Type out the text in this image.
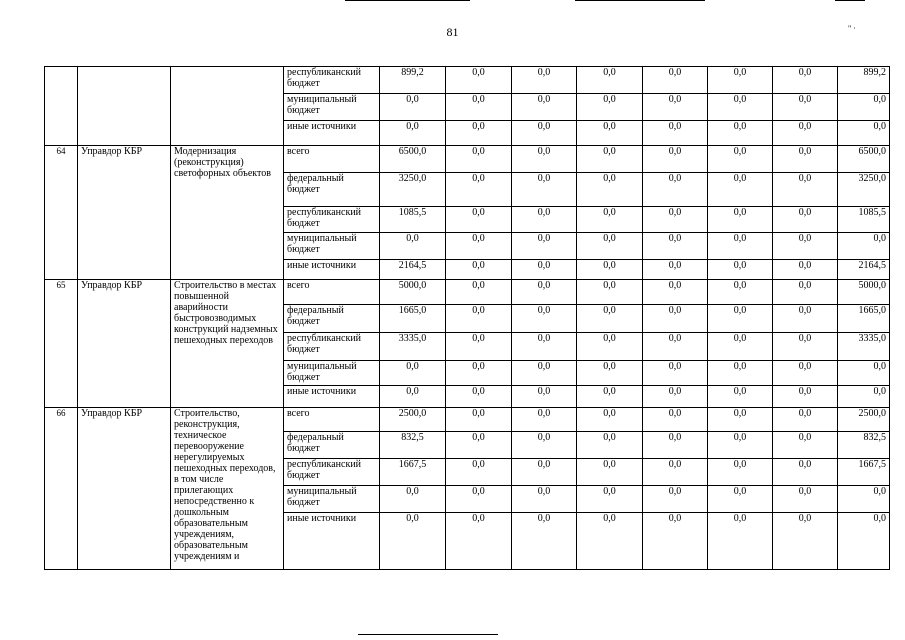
81	" ·
			республиканский бюджет	899,2	0,0	0,0	0,0	0,0	0,0	0,0	899,2
			муниципальный бюджет	0,0	0,0	0,0	0,0	0,0	0,0	0,0	0,0
			иные источники	0,0	0,0	0,0	0,0	0,0	0,0	0,0	0,0
64	Управдор КБР	Модернизация (реконструкция) светофорных объектов	всего	6500,0	0,0	0,0	0,0	0,0	0,0	0,0	6500,0
			федеральный бюджет	3250,0	0,0	0,0	0,0	0,0	0,0	0,0	3250,0
			республиканский бюджет	1085,5	0,0	0,0	0,0	0,0	0,0	0,0	1085,5
			муниципальный бюджет	0,0	0,0	0,0	0,0	0,0	0,0	0,0	0,0
			иные источники	2164,5	0,0	0,0	0,0	0,0	0,0	0,0	2164,5
65	Управдор КБР	Строительство в местах повышенной аварийности быстровозводимых конструкций надземных пешеходных переходов	всего	5000,0	0,0	0,0	0,0	0,0	0,0	0,0	5000,0
			федеральный бюджет	1665,0	0,0	0,0	0,0	0,0	0,0	0,0	1665,0
			республиканский бюджет	3335,0	0,0	0,0	0,0	0,0	0,0	0,0	3335,0
			муниципальный бюджет	0,0	0,0	0,0	0,0	0,0	0,0	0,0	0,0
			иные источники	0,0	0,0	0,0	0,0	0,0	0,0	0,0	0,0
66	Управдор КБР	Строительство, реконструкция, техническое перевооружение нерегулируемых пешеходных переходов, в том числе прилегающих непосредственно к дошкольным образовательным учреждениям, образовательным учреждениям и	всего	2500,0	0,0	0,0	0,0	0,0	0,0	0,0	2500,0
			федеральный бюджет	832,5	0,0	0,0	0,0	0,0	0,0	0,0	832,5
			республиканский бюджет	1667,5	0,0	0,0	0,0	0,0	0,0	0,0	1667,5
			муниципальный бюджет	0,0	0,0	0,0	0,0	0,0	0,0	0,0	0,0
			иные источники	0,0	0,0	0,0	0,0	0,0	0,0	0,0	0,0
